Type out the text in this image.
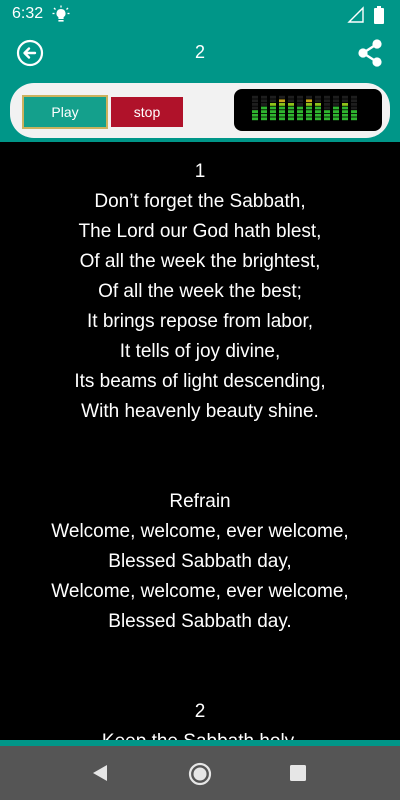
6:32
2
Play	stop
1
Don’t forget the Sabbath,
The Lord our God hath blest,
Of all the week the brightest,
Of all the week the best;
It brings repose from labor,
It tells of joy divine,
Its beams of light descending,
With heavenly beauty shine.
Refrain
Welcome, welcome, ever welcome,
Blessed Sabbath day,
Welcome, welcome, ever welcome,
Blessed Sabbath day.
2
